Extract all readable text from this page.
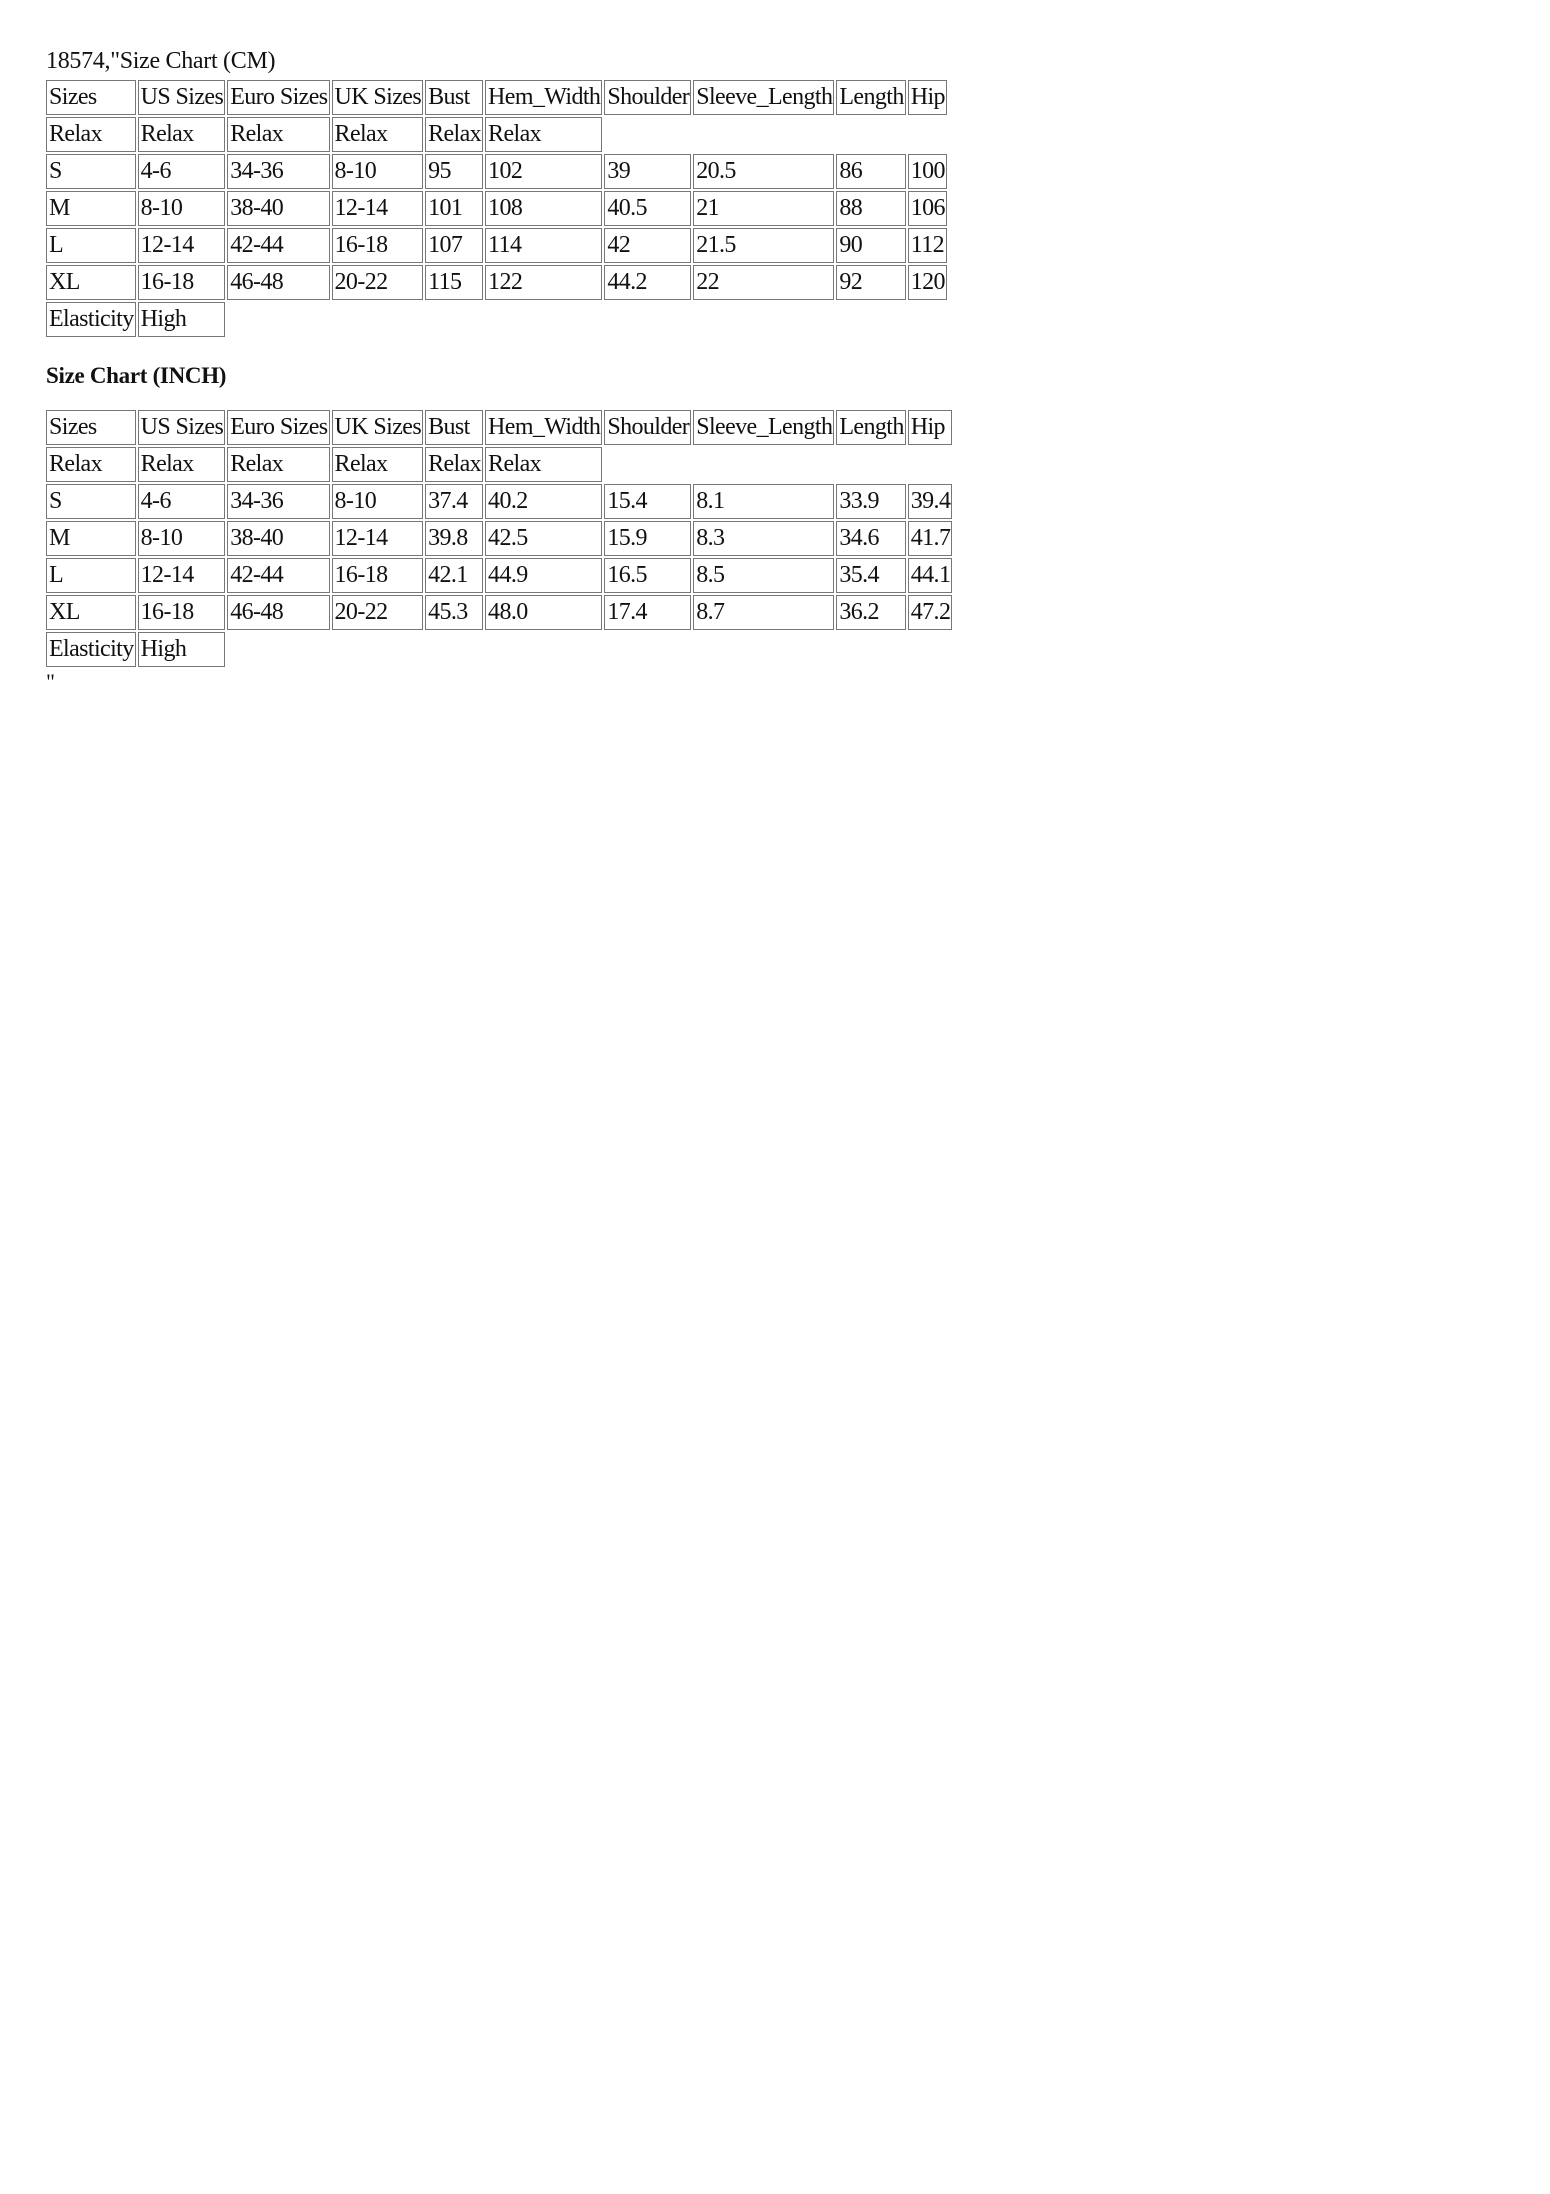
18574,"Size Chart (CM)
Sizes	US Sizes	Euro Sizes	UK Sizes	Bust	Hem_Width	Shoulder	Sleeve_Length	Length	Hip
Relax	Relax	Relax	Relax	Relax	Relax				
S	4-6	34-36	8-10	95	102	39	20.5	86	100
M	8-10	38-40	12-14	101	108	40.5	21	88	106
L	12-14	42-44	16-18	107	114	42	21.5	90	112
XL	16-18	46-48	20-22	115	122	44.2	22	92	120
Elasticity	High								
Size Chart (INCH)
Sizes	US Sizes	Euro Sizes	UK Sizes	Bust	Hem_Width	Shoulder	Sleeve_Length	Length	Hip
Relax	Relax	Relax	Relax	Relax	Relax				
S	4-6	34-36	8-10	37.4	40.2	15.4	8.1	33.9	39.4
M	8-10	38-40	12-14	39.8	42.5	15.9	8.3	34.6	41.7
L	12-14	42-44	16-18	42.1	44.9	16.5	8.5	35.4	44.1
XL	16-18	46-48	20-22	45.3	48.0	17.4	8.7	36.2	47.2
Elasticity	High								
"
